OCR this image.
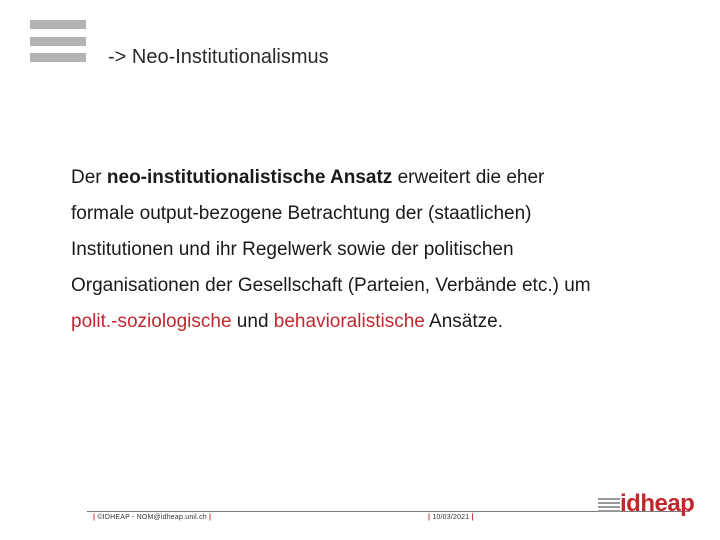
-> Neo-Institutionalismus
Der neo-institutionalistische Ansatz erweitert die eher
formale output-bezogene Betrachtung der (staatlichen)
Institutionen und ihr Regelwerk sowie der politischen
Organisationen der Gesellschaft (Parteien, Verbände etc.) um
polit.-soziologische und behavioralistische Ansätze.
| ©IDHEAP - NOM@idheap.unil.ch |	| 10/03/2021 |
idheap
